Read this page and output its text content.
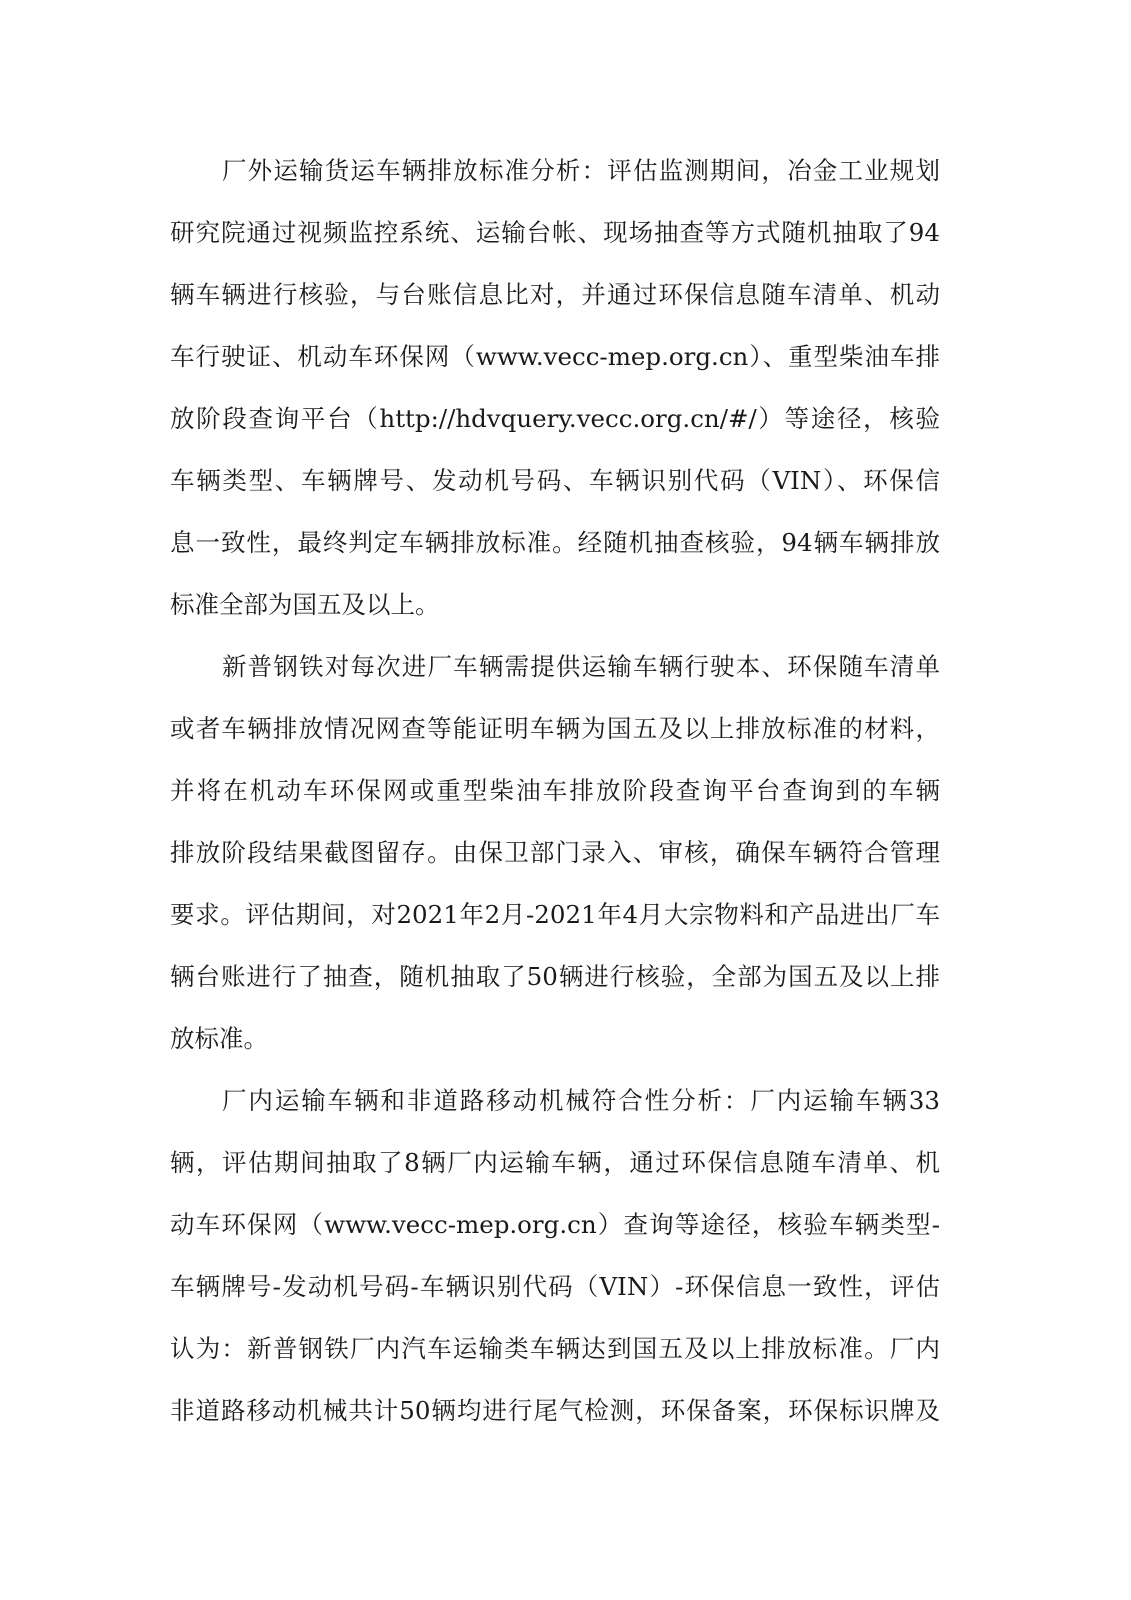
厂外运输货运车辆排放标准分析：评估监测期间，冶金工业规划
研究院通过视频监控系统、运输台帐、现场抽查等方式随机抽取了94
辆车辆进行核验，与台账信息比对，并通过环保信息随车清单、机动
车行驶证、机动车环保网（www.vecc-mep.org.cn）、重型柴油车排
放阶段查询平台（http://hdvquery.vecc.org.cn/#/）等途径，核验
车辆类型、车辆牌号、发动机号码、车辆识别代码（VIN）、环保信
息一致性，最终判定车辆排放标准。经随机抽查核验，94辆车辆排放
标准全部为国五及以上。
新普钢铁对每次进厂车辆需提供运输车辆行驶本、环保随车清单
或者车辆排放情况网查等能证明车辆为国五及以上排放标准的材料，
并将在机动车环保网或重型柴油车排放阶段查询平台查询到的车辆
排放阶段结果截图留存。由保卫部门录入、审核，确保车辆符合管理
要求。评估期间，对2021年2月-2021年4月大宗物料和产品进出厂车
辆台账进行了抽查，随机抽取了50辆进行核验，全部为国五及以上排
放标准。
厂内运输车辆和非道路移动机械符合性分析：厂内运输车辆33
辆，评估期间抽取了8辆厂内运输车辆，通过环保信息随车清单、机
动车环保网（www.vecc-mep.org.cn）查询等途径，核验车辆类型-
车辆牌号-发动机号码-车辆识别代码（VIN）-环保信息一致性，评估
认为：新普钢铁厂内汽车运输类车辆达到国五及以上排放标准。厂内
非道路移动机械共计50辆均进行尾气检测，环保备案，环保标识牌及
